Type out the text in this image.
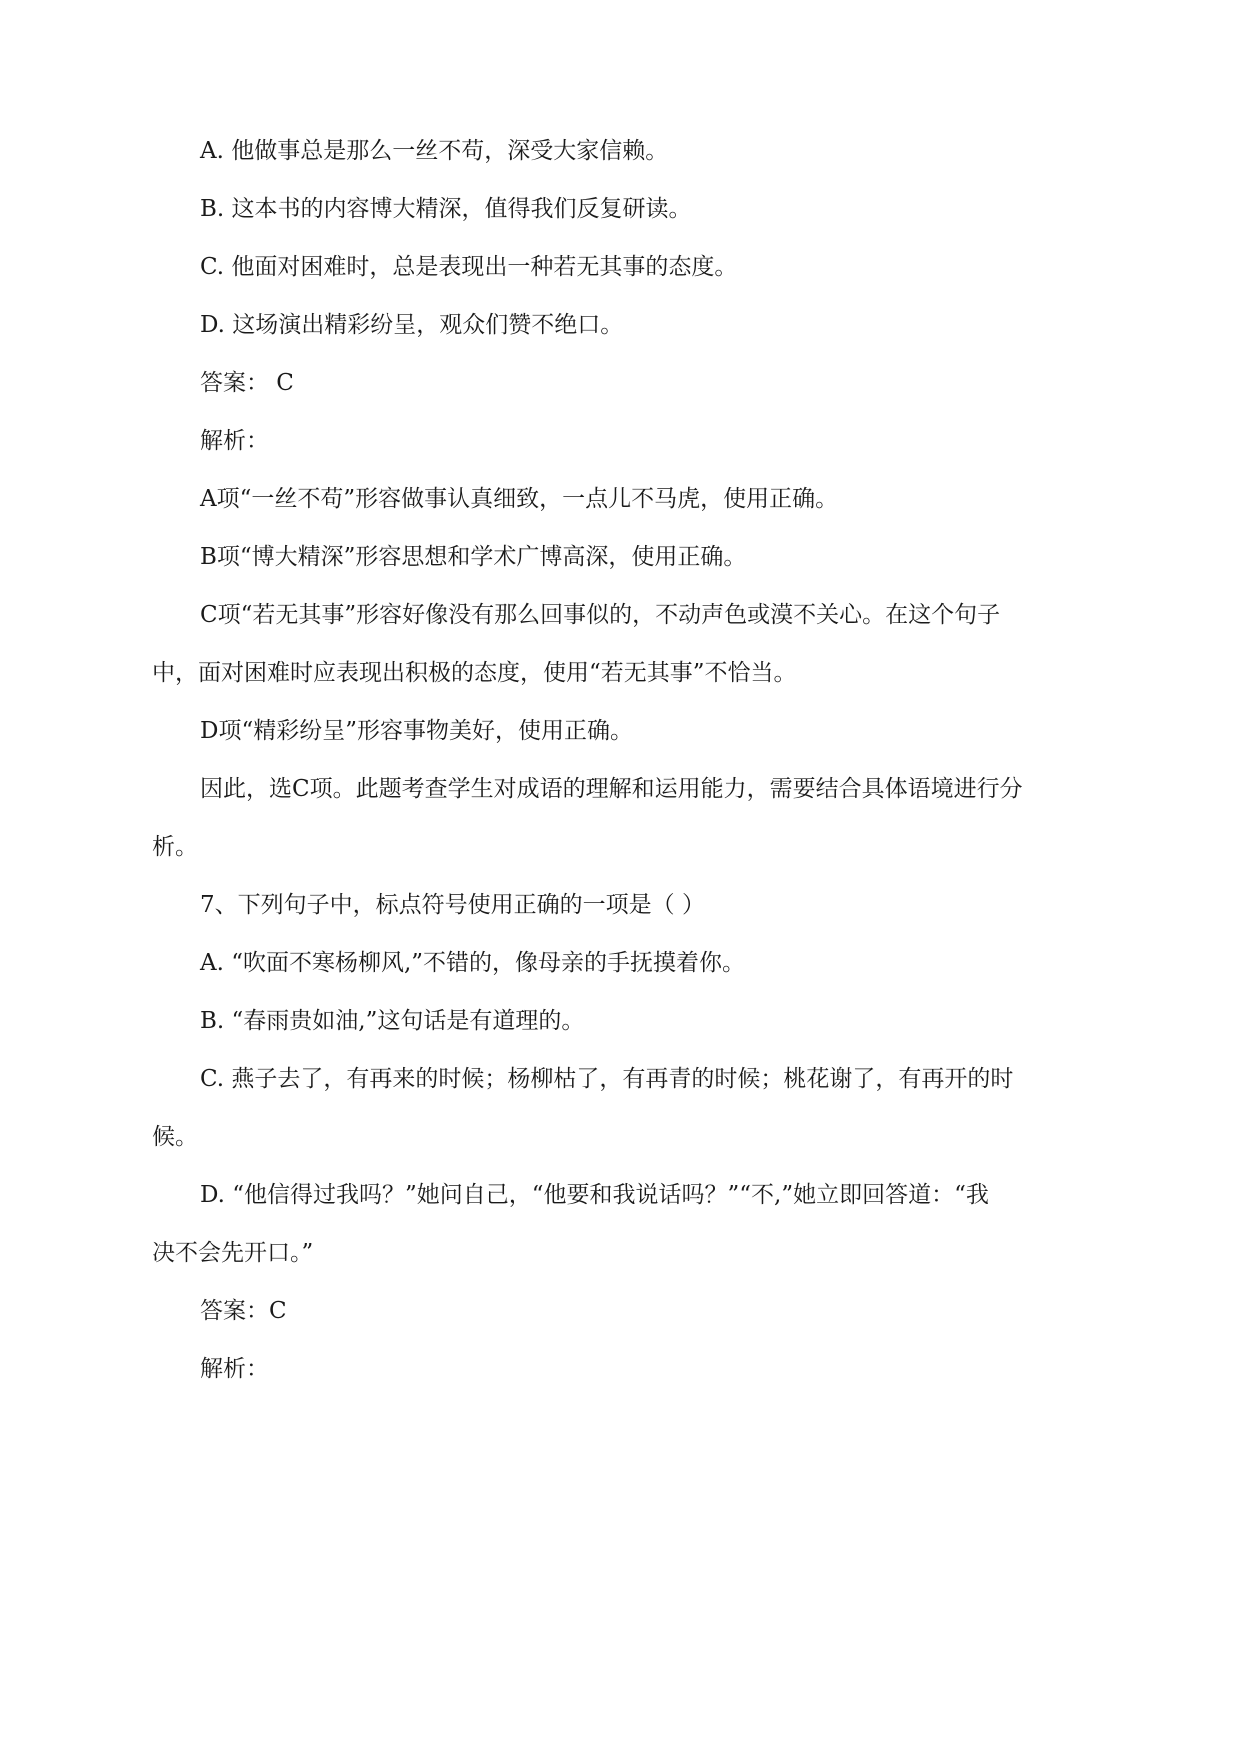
A. 他做事总是那么一丝不苟，深受大家信赖。

B. 这本书的内容博大精深，值得我们反复研读。

C. 他面对困难时，总是表现出一种若无其事的态度。

D. 这场演出精彩纷呈，观众们赞不绝口。

答案： C

解析：

A项“一丝不苟”形容做事认真细致，一点儿不马虎，使用正确。

B项“博大精深”形容思想和学术广博高深，使用正确。

C项“若无其事”形容好像没有那么回事似的，不动声色或漠不关心。在这个句子

中，面对困难时应表现出积极的态度，使用“若无其事”不恰当。

D项“精彩纷呈”形容事物美好，使用正确。

因此，选C项。此题考查学生对成语的理解和运用能力，需要结合具体语境进行分

析。

7、下列句子中，标点符号使用正确的一项是（ ）

A. “吹面不寒杨柳风,”不错的，像母亲的手抚摸着你。

B. “春雨贵如油,”这句话是有道理的。

C. 燕子去了，有再来的时候；杨柳枯了，有再青的时候；桃花谢了，有再开的时

候。

D. “他信得过我吗？”她问自己，“他要和我说话吗？”“不,”她立即回答道：“我

决不会先开口。”

答案：C

解析：
